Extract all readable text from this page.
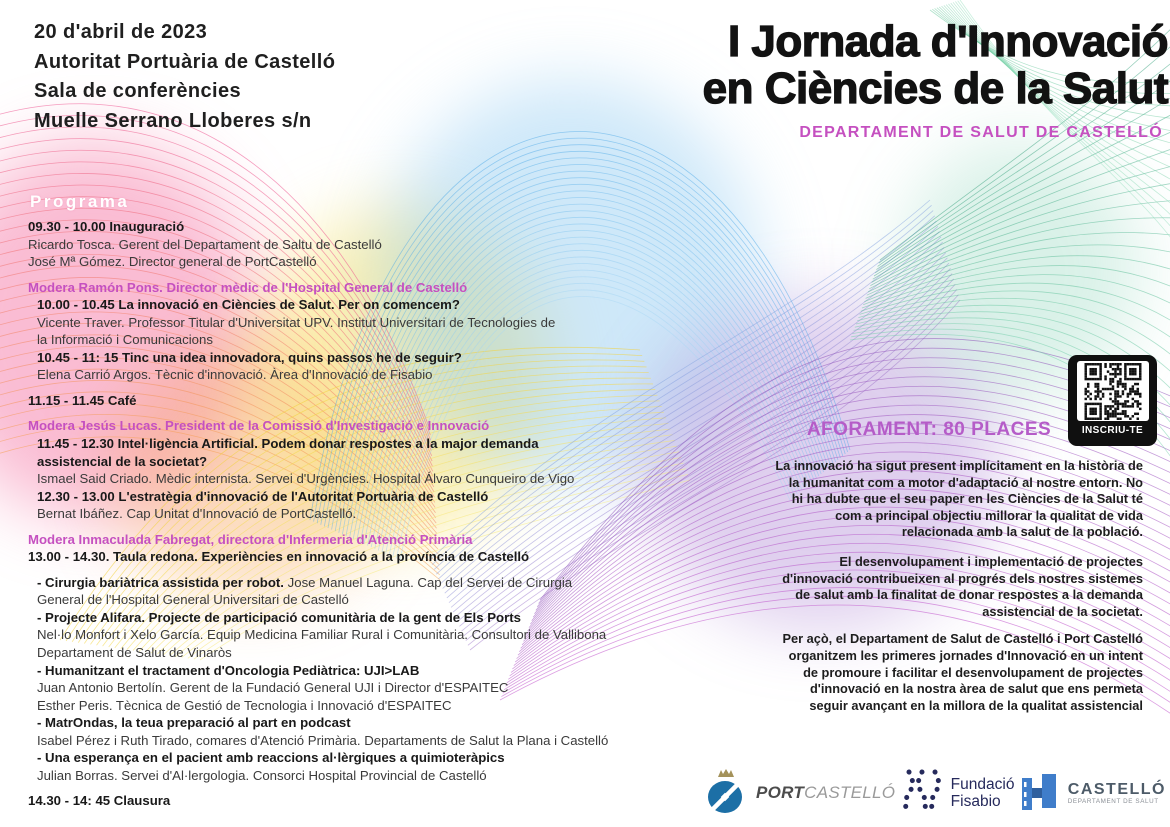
20 d'abril de 2023
Autoritat Portuària de Castelló
Sala de conferències
Muelle Serrano Lloberes s/n
I Jornada d'Innovació
en Ciències de la Salut
DEPARTAMENT DE SALUT DE CASTELLÓ
Programa
09.30 - 10.00 Inauguració
Ricardo Tosca. Gerent del Departament de Saltu de Castelló
José Mª Gómez. Director general de PortCastelló
Modera Ramón Pons. Director mèdic de l'Hospital General de Castelló
10.00 - 10.45 La innovació en Ciències de Salut. Per on comencem?
Vicente Traver. Professor Titular d'Universitat UPV. Institut Universitari de Tecnologies de
la Informació i Comunicacions
10.45 - 11: 15 Tinc una idea innovadora, quins passos he de seguir?
Elena Carrió Argos. Tècnic d'innovació. Àrea d'Innovació de Fisabio
11.15 - 11.45 Café
Modera Jesús Lucas. President de la Comissió d'Investigació e Innovació
11.45 - 12.30 Intel·ligència Artificial. Podem donar respostes a la major demanda
assistencial de la societat?
Ismael Said Criado. Mèdic internista. Servei d'Urgències. Hospital Álvaro Cunqueiro de Vigo
12.30 - 13.00 L'estratègia d'innovació de l'Autoritat Portuària de Castelló
Bernat Ibáñez. Cap Unitat d'Innovació de PortCastelló.
Modera Inmaculada Fabregat, directora d'Infermeria d'Atenció Primària
13.00 - 14.30. Taula redona. Experiències en innovació a la província de Castelló
- Cirurgia bariàtrica assistida per robot. Jose Manuel Laguna. Cap del Servei de Cirurgia
General de l'Hospital General Universitari de Castelló
- Projecte Alifara. Projecte de participació comunitària de la gent de Els Ports
Nel·lo Monfort i Xelo García. Equip Medicina Familiar Rural i Comunitària. Consultori de Vallibona
Departament de Salut de Vinaròs
- Humanitzant el tractament d'Oncologia Pediàtrica: UJI>LAB
Juan Antonio Bertolín. Gerent de la Fundació General UJI i Director d'ESPAITEC
Esther Peris. Tècnica de Gestió de Tecnologia i Innovació d'ESPAITEC
- MatrOndas, la teua preparació al part en podcast
Isabel Pérez i Ruth Tirado, comares d'Atenció Primària. Departaments de Salut la Plana i Castelló
- Una esperança en el pacient amb reaccions al·lèrgiques a quimioteràpics
Julian Borras. Servei d'Al·lergologia. Consorci Hospital Provincial de Castelló
14.30 - 14: 45 Clausura
AFORAMENT: 80 PLACES	INSCRIU-TE

La innovació ha sigut present implícitament en la història de la humanitat com a motor d'adaptació al nostre entorn. No hi ha dubte que el seu paper en les Ciències de la Salut té com a principal objectiu millorar la qualitat de vida relacionada amb la salut de la població.

El desenvolupament i implementació de projectes d'innovació contribueixen al progrés dels nostres sistemes de salut amb la finalitat de donar respostes a la demanda assistencial de la societat.

Per açò, el Departament de Salut de Castelló i Port Castelló organitzem les primeres jornades d'Innovació en un intent de promoure i facilitar el desenvolupament de projectes d'innovació en la nostra àrea de salut que ens permeta seguir avançant en la millora de la qualitat assistencial

PORTCASTELLÓ	Fundació
Fisabio
CASTELLÓ
DEPARTAMENT DE SALUT
